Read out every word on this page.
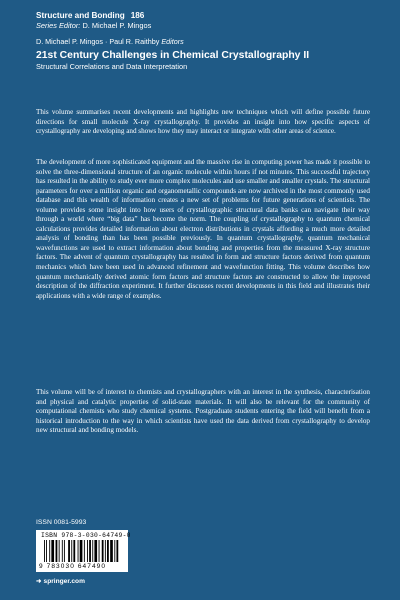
Structure and Bonding 186
Series Editor: D. Michael P. Mingos
D. Michael P. Mingos · Paul R. Raithby Editors
21st Century Challenges in Chemical Crystallography II
Structural Correlations and Data Interpretation

This volume summarises recent developments and highlights new techniques which will define possible future directions for small molecule X-ray crystallography. It provides an insight into how specific aspects of crystallography are developing and shows how they may interact or integrate with other areas of science.

The development of more sophisticated equipment and the massive rise in computing power has made it possible to solve the three-dimensional structure of an organic molecule within hours if not minutes. This successful trajectory has resulted in the ability to study ever more complex molecules and use smaller and smaller crystals. The structural parameters for over a million organic and organometallic compounds are now archived in the most commonly used database and this wealth of information creates a new set of problems for future generations of scientists. The volume provides some insight into how users of crystallographic structural data banks can navigate their way through a world where “big data” has become the norm. The coupling of crystallography to quantum chemical calculations provides detailed information about electron distributions in crystals affording a much more detailed analysis of bonding than has been possible previously. In quantum crystallography, quantum mechanical wavefunctions are used to extract information about bonding and properties from the measured X-ray structure factors. The advent of quantum crystallography has resulted in form and structure factors derived from quantum mechanics which have been used in advanced refinement and wavefunction fitting. This volume describes how quantum mechanically derived atomic form factors and structure factors are constructed to allow the improved description of the diffraction experiment. It further discusses recent developments in this field and illustrates their applications with a wide range of examples.

This volume will be of interest to chemists and crystallographers with an interest in the synthesis, characterisation and physical and catalytic properties of solid-state materials. It will also be relevant for the community of computational chemists who study chemical systems. Postgraduate students entering the field will benefit from a historical introduction to the way in which scientists have used the data derived from crystallography to develop new structural and bonding models.

ISSN 0081-5993
ISBN 978-3-030-64749-0
9 783030 647490
➜ springer.com
